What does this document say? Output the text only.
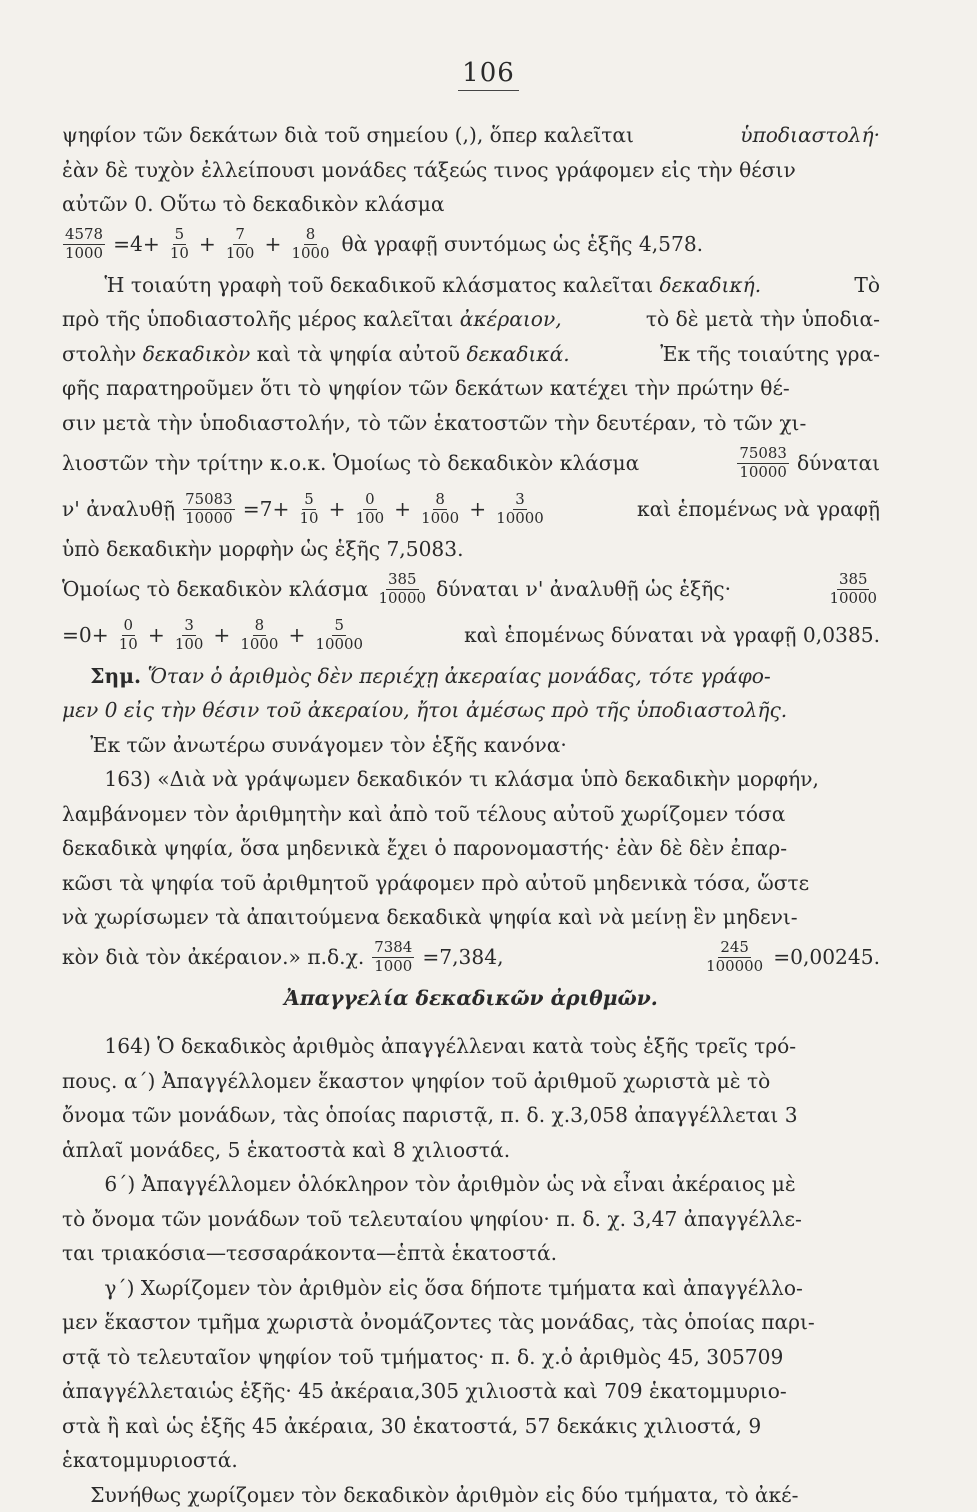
106
ψηφίον τῶν δεκάτων διὰ τοῦ σημείου (,), ὅπερ καλεῖται	ὑποδιαστολή·
ἐὰν δὲ τυχὸν ἐλλείπουσι μονάδες τάξεώς τινος γράφομεν εἰς τὴν θέσιν
αὐτῶν 0. Οὕτω τὸ δεκαδικὸν κλάσμα
$\frac{4578}{1000} =4+ \frac{5}{10} + \frac{7}{100} + \frac{8}{1000}$ θὰ γραφῇ συντόμως ὡς ἑξῆς 4,578.
Ἡ τοιαύτη γραφὴ τοῦ δεκαδικοῦ κλάσματος καλεῖται δεκαδική.	Τὸ
πρὸ τῆς ὑποδιαστολῆς μέρος καλεῖται ἀκέραιον,	τὸ δὲ μετὰ τὴν ὑποδια-
στολὴν δεκαδικὸν καὶ τὰ ψηφία αὐτοῦ δεκαδικά.	Ἐκ τῆς τοιαύτης γρα-
φῆς παρατηροῦμεν ὅτι τὸ ψηφίον τῶν δεκάτων κατέχει τὴν πρώτην θέ-
σιν μετὰ τὴν ὑποδιαστολήν, τὸ τῶν ἑκατοστῶν τὴν δευτέραν, τὸ τῶν χι-
λιοστῶν τὴν τρίτην κ.ο.κ. Ὁμοίως τὸ δεκαδικὸν κλάσμα	$\frac{75083}{10000}$ δύναται
ν' ἀναλυθῇ $\frac{75083}{10000} =7+ \frac{5}{10} + \frac{0}{100} + \frac{8}{1000} + \frac{3}{10000}$	καὶ ἑπομένως νὰ γραφῇ
ὑπὸ δεκαδικὴν μορφὴν ὡς ἑξῆς 7,5083.
Ὁμοίως τὸ δεκαδικὸν κλάσμα $\frac{385}{10000}$ δύναται ν' ἀναλυθῇ ὡς ἑξῆς·	$\frac{385}{10000}$
$=0+ \frac{0}{10} + \frac{3}{100} + \frac{8}{1000} + \frac{5}{10000}$	καὶ ἑπομένως δύναται νὰ γραφῇ 0,0385.
Σημ. Ὅταν ὁ ἀριθμὸς δὲν περιέχῃ ἀκεραίας μονάδας, τότε γράφο-
μεν 0 εἰς τὴν θέσιν τοῦ ἀκεραίου, ἤτοι ἀμέσως πρὸ τῆς ὑποδιαστολῆς.
Ἐκ τῶν ἀνωτέρω συνάγομεν τὸν ἑξῆς κανόνα·
163) «Διὰ νὰ γράψωμεν δεκαδικόν τι κλάσμα ὑπὸ δεκαδικὴν μορφήν,
λαμβάνομεν τὸν ἀριθμητὴν καὶ ἀπὸ τοῦ τέλους αὐτοῦ χωρίζομεν τόσα
δεκαδικὰ ψηφία, ὅσα μηδενικὰ ἔχει ὁ παρονομαστής· ἐὰν δὲ δὲν ἐπαρ-
κῶσι τὰ ψηφία τοῦ ἀριθμητοῦ γράφομεν πρὸ αὐτοῦ μηδενικὰ τόσα, ὥστε
νὰ χωρίσωμεν τὰ ἀπαιτούμενα δεκαδικὰ ψηφία καὶ νὰ μείνῃ ἓν μηδενι-
κὸν διὰ τὸν ἀκέραιον.» π.δ.χ. $\frac{7384}{1000} =7,384$,	$\frac{245}{100000} =0,00245$.
Ἀπαγγελία δεκαδικῶν ἀριθμῶν.
164) Ὁ δεκαδικὸς ἀριθμὸς ἀπαγγέλλεναι κατὰ τοὺς ἑξῆς τρεῖς τρό-
πους. α΄) Ἀπαγγέλλομεν ἕκαστον ψηφίον τοῦ ἀριθμοῦ χωριστὰ μὲ τὸ
ὄνομα τῶν μονάδων, τὰς ὁποίας παριστᾷ, π. δ. χ.3,058 ἀπαγγέλλεται 3
ἁπλαῖ μονάδες, 5 ἑκατοστὰ καὶ 8 χιλιοστά.
6΄) Ἀπαγγέλλομεν ὁλόκληρον τὸν ἀριθμὸν ὡς νὰ εἶναι ἀκέραιος μὲ
τὸ ὄνομα τῶν μονάδων τοῦ τελευταίου ψηφίου· π. δ. χ. 3,47 ἀπαγγέλλε-
ται τριακόσια—τεσσαράκοντα—ἑπτὰ ἑκατοστά.
γ΄) Χωρίζομεν τὸν ἀριθμὸν εἰς ὅσα δήποτε τμήματα καὶ ἀπαγγέλλο-
μεν ἕκαστον τμῆμα χωριστὰ ὀνομάζοντες τὰς μονάδας, τὰς ὁποίας παρι-
στᾷ τὸ τελευταῖον ψηφίον τοῦ τμήματος· π. δ. χ.ὁ ἀριθμὸς 45, 305709
ἀπαγγέλλεταιὡς ἑξῆς· 45 ἀκέραια,305 χιλιοστὰ καὶ 709 ἑκατομμυριο-
στὰ ἢ καὶ ὡς ἑξῆς 45 ἀκέραια, 30 ἑκατοστά, 57 δεκάκις χιλιοστά, 9
ἑκατομμυριοστά.
Συνήθως χωρίζομεν τὸν δεκαδικὸν ἀριθμὸν εἰς δύο τμήματα, τὸ ἀκέ-
